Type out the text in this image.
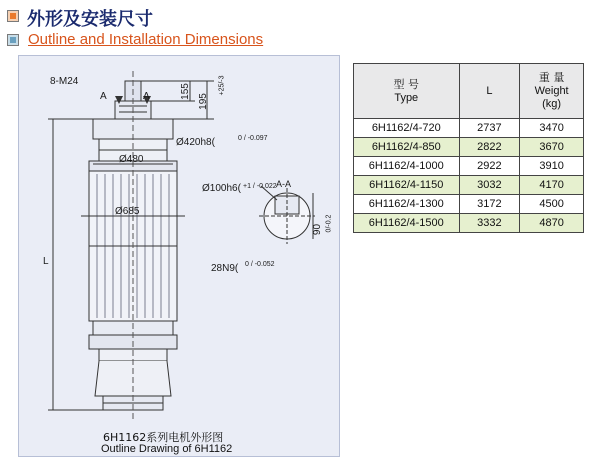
外形及安装尺寸
Outline and Installation Dimensions
8-M24
A	A	155
195
+25/-3
Ø420h8(	0 / -0.097
Ø480
Ø100h6( +1 / -0.022 A-A
Ø685
90 0/-0.2
L
28N9( 0 / -0.052
6H1162系列电机外形图
Outline Drawing of 6H1162
型 号
Type	L	重 量
Weight
(kg)
6H1162/4-720	2737	3470
6H1162/4-850	2822	3670
6H1162/4-1000	2922	3910
6H1162/4-1150	3032	4170
6H1162/4-1300	3172	4500
6H1162/4-1500	3332	4870
